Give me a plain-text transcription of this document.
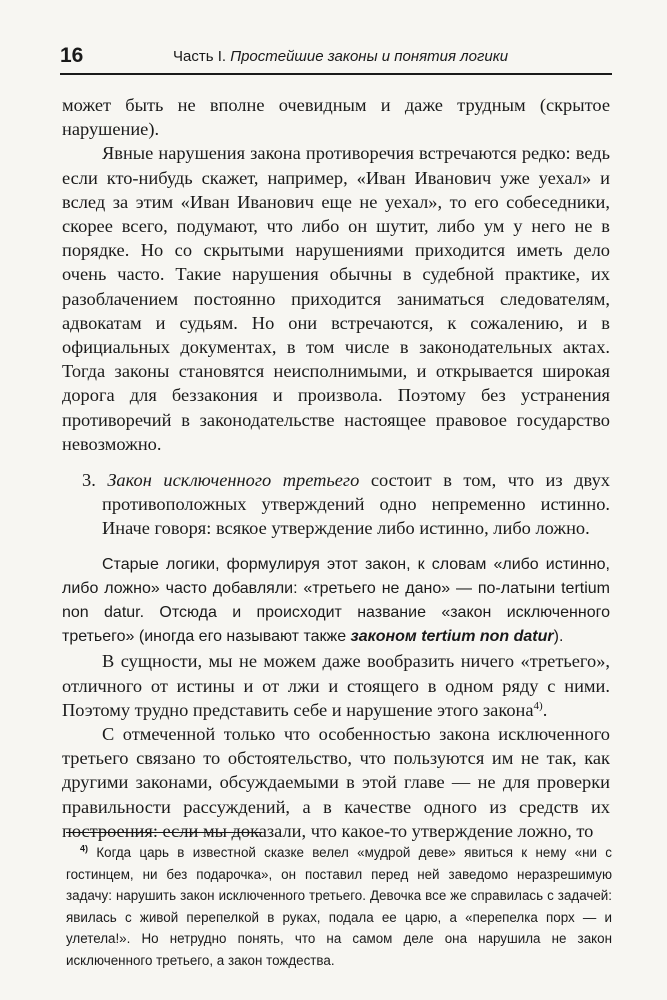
16	Часть I. Простейшие законы и понятия логики

может быть не вполне очевидным и даже трудным (скрытое нарушение).

Явные нарушения закона противоречия встречаются редко: ведь если кто-нибудь скажет, например, «Иван Иванович уже уехал» и вслед за этим «Иван Иванович еще не уехал», то его собеседники, скорее всего, подумают, что либо он шутит, либо ум у него не в порядке. Но со скрытыми нарушениями приходится иметь дело очень часто. Такие нарушения обычны в судебной практике, их разоблачением постоянно приходится заниматься следователям, адвокатам и судьям. Но они встречаются, к сожалению, и в официальных документах, в том числе в законодательных актах. Тогда законы становятся неисполнимыми, и открывается широкая дорога для беззакония и произвола. Поэтому без устранения противоречий в законодательстве настоящее правовое государство невозможно.

3. Закон исключенного третьего состоит в том, что из двух противоположных утверждений одно непременно истинно. Иначе говоря: всякое утверждение либо истинно, либо ложно.

Старые логики, формулируя этот закон, к словам «либо истинно, либо ложно» часто добавляли: «третьего не дано» — по-латыни tertium non datur. Отсюда и происходит название «закон исключенного третьего» (иногда его называют также законом tertium non datur).

В сущности, мы не можем даже вообразить ничего «третьего», отличного от истины и от лжи и стоящего в одном ряду с ними. Поэтому трудно представить себе и нарушение этого закона$^{4)}$.

С отмеченной только что особенностью закона исключенного третьего связано то обстоятельство, что пользуются им не так, как другими законами, обсуждаемыми в этой главе — не для проверки правильности рассуждений, а в качестве одного из средств их построения: если мы доказали, что какое-то утверждение ложно, то

$^{4)}$ Когда царь в известной сказке велел «мудрой деве» явиться к нему «ни с гостинцем, ни без подарочка», он поставил перед ней заведомо неразрешимую задачу: нарушить закон исключенного третьего. Девочка все же справилась с задачей: явилась с живой перепелкой в руках, подала ее царю, а «перепелка порх — и улетела!». Но нетрудно понять, что на самом деле она нарушила не закон исключенного третьего, а закон тождества.
